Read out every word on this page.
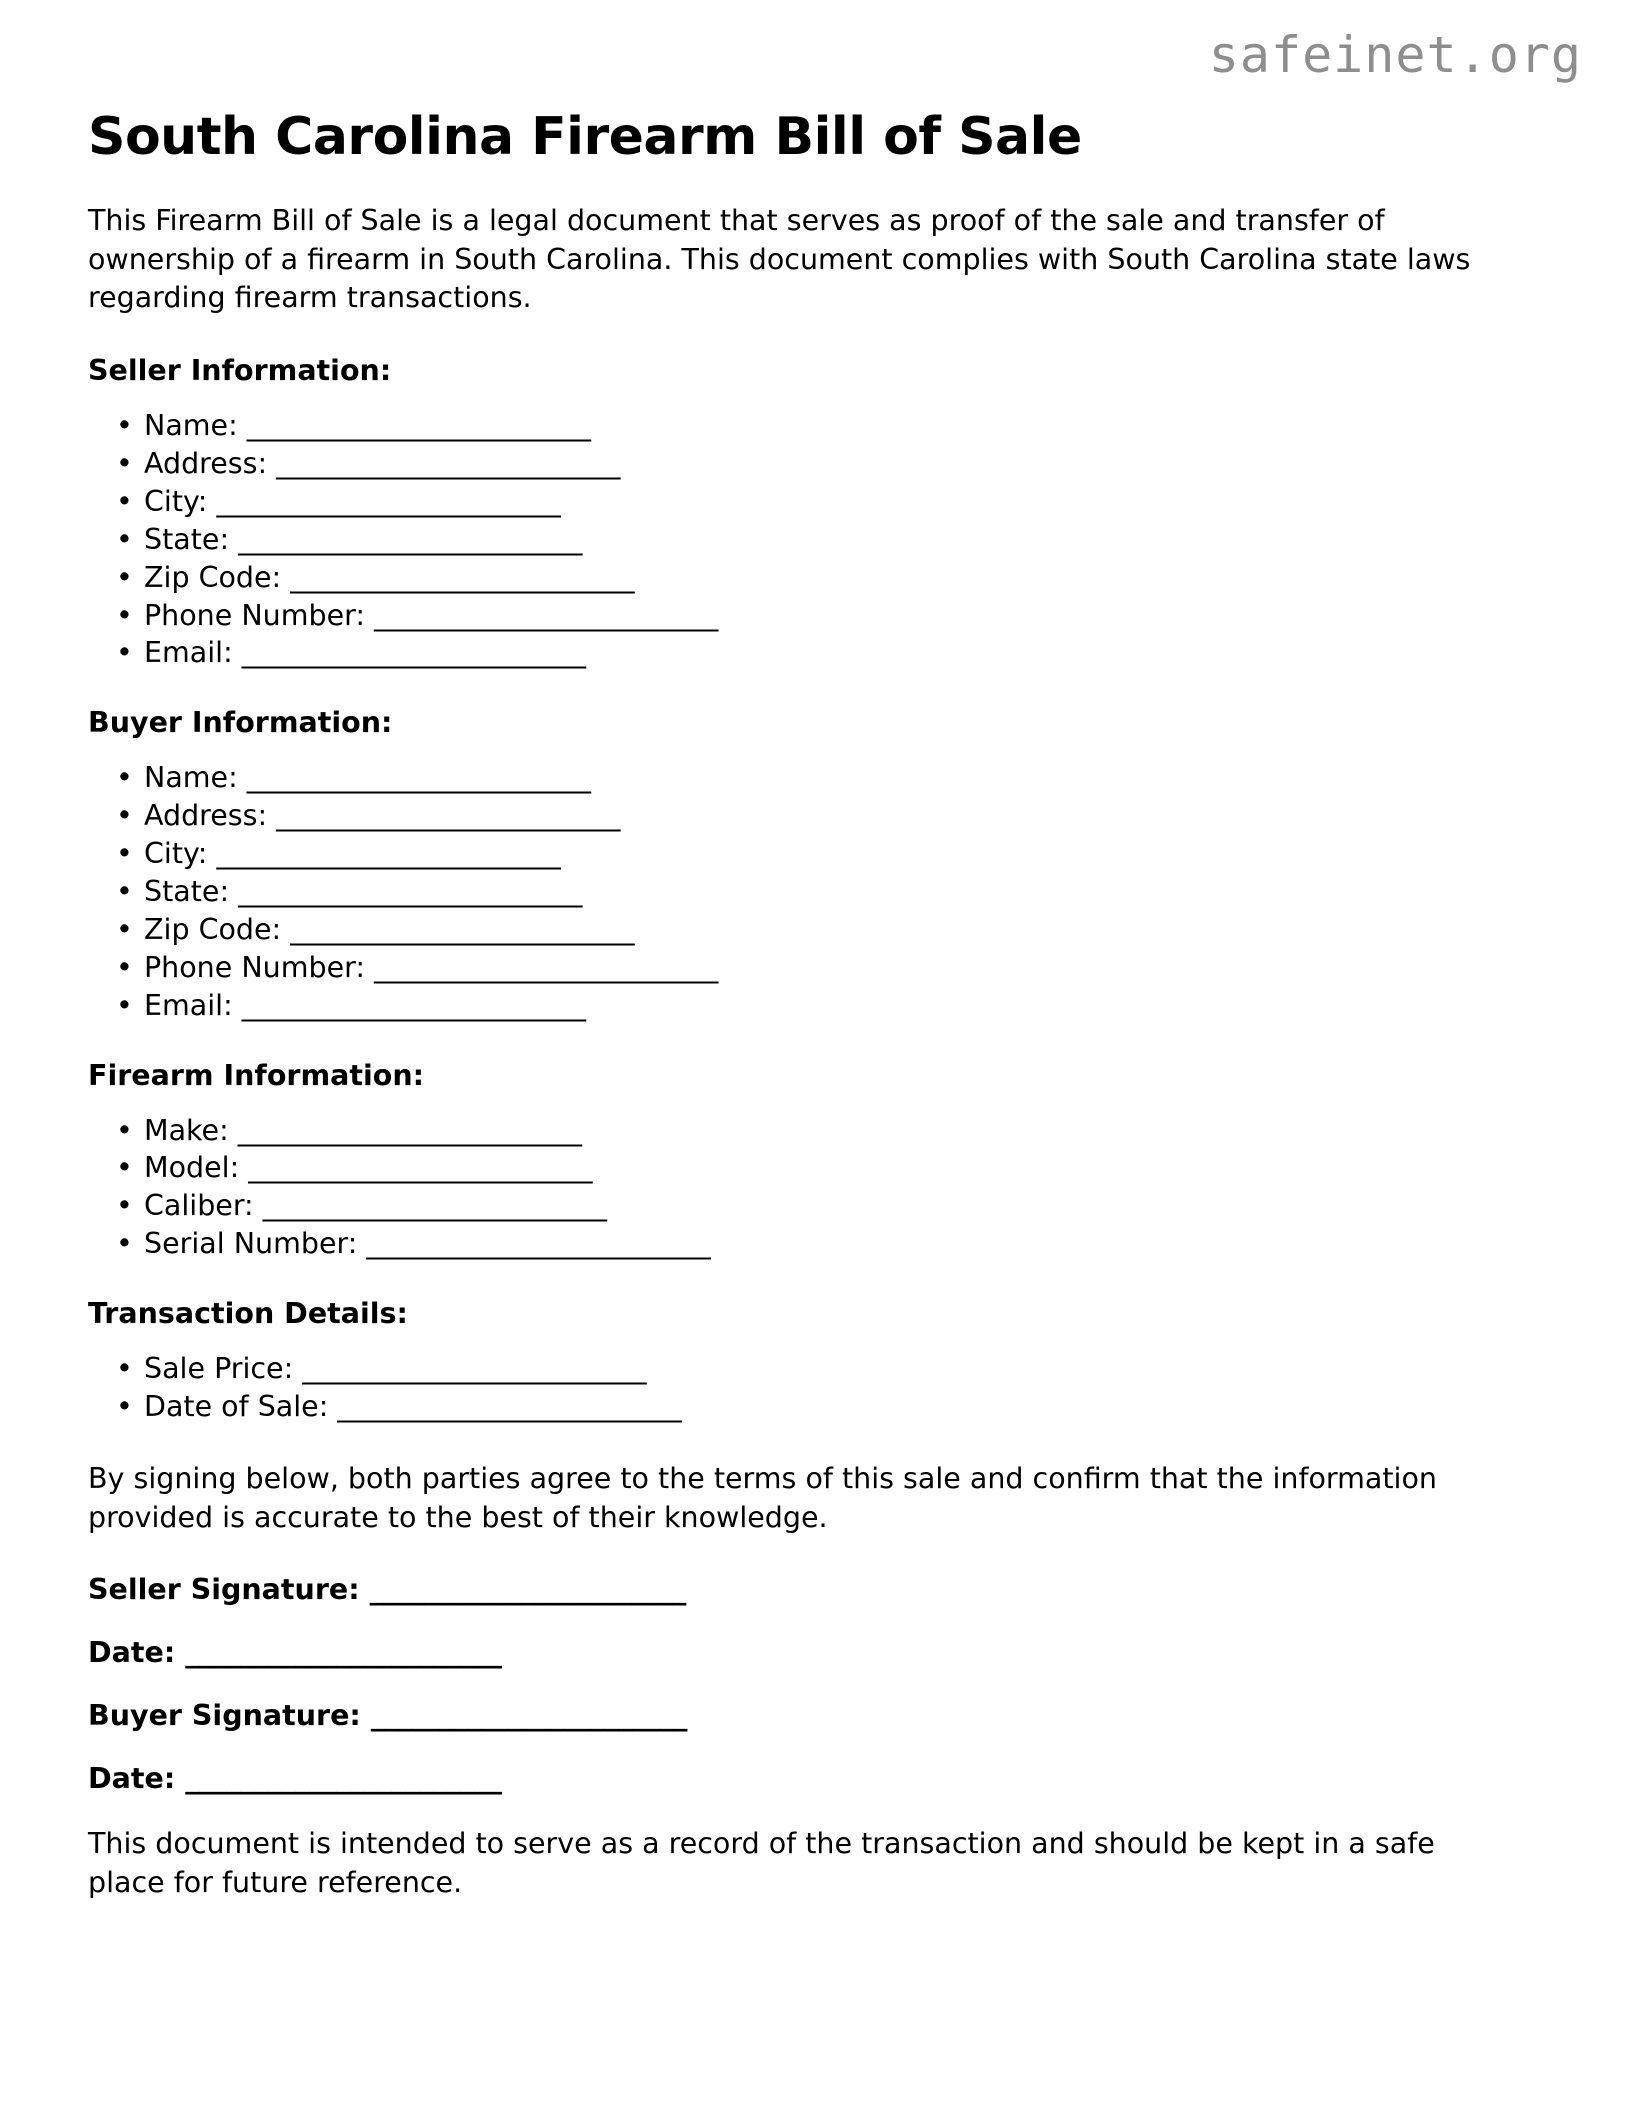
safeinet.org
South Carolina Firearm Bill of Sale

This Firearm Bill of Sale is a legal document that serves as proof of the sale and transfer of ownership of a firearm in South Carolina. This document complies with South Carolina state laws regarding firearm transactions.

Seller Information:
• Name: _________________________
• Address: _________________________
• City: _________________________
• State: _________________________
• Zip Code: _________________________
• Phone Number: _________________________
• Email: _________________________
Buyer Information:
• Name: _________________________
• Address: _________________________
• City: _________________________
• State: _________________________
• Zip Code: _________________________
• Phone Number: _________________________
• Email: _________________________
Firearm Information:
• Make: _________________________
• Model: _________________________
• Caliber: _________________________
• Serial Number: _________________________
Transaction Details:
• Sale Price: _________________________
• Date of Sale: _________________________

By signing below, both parties agree to the terms of this sale and confirm that the information provided is accurate to the best of their knowledge.

Seller Signature: _______________________
Date: _______________________
Buyer Signature: _______________________
Date: _______________________

This document is intended to serve as a record of the transaction and should be kept in a safe place for future reference.
